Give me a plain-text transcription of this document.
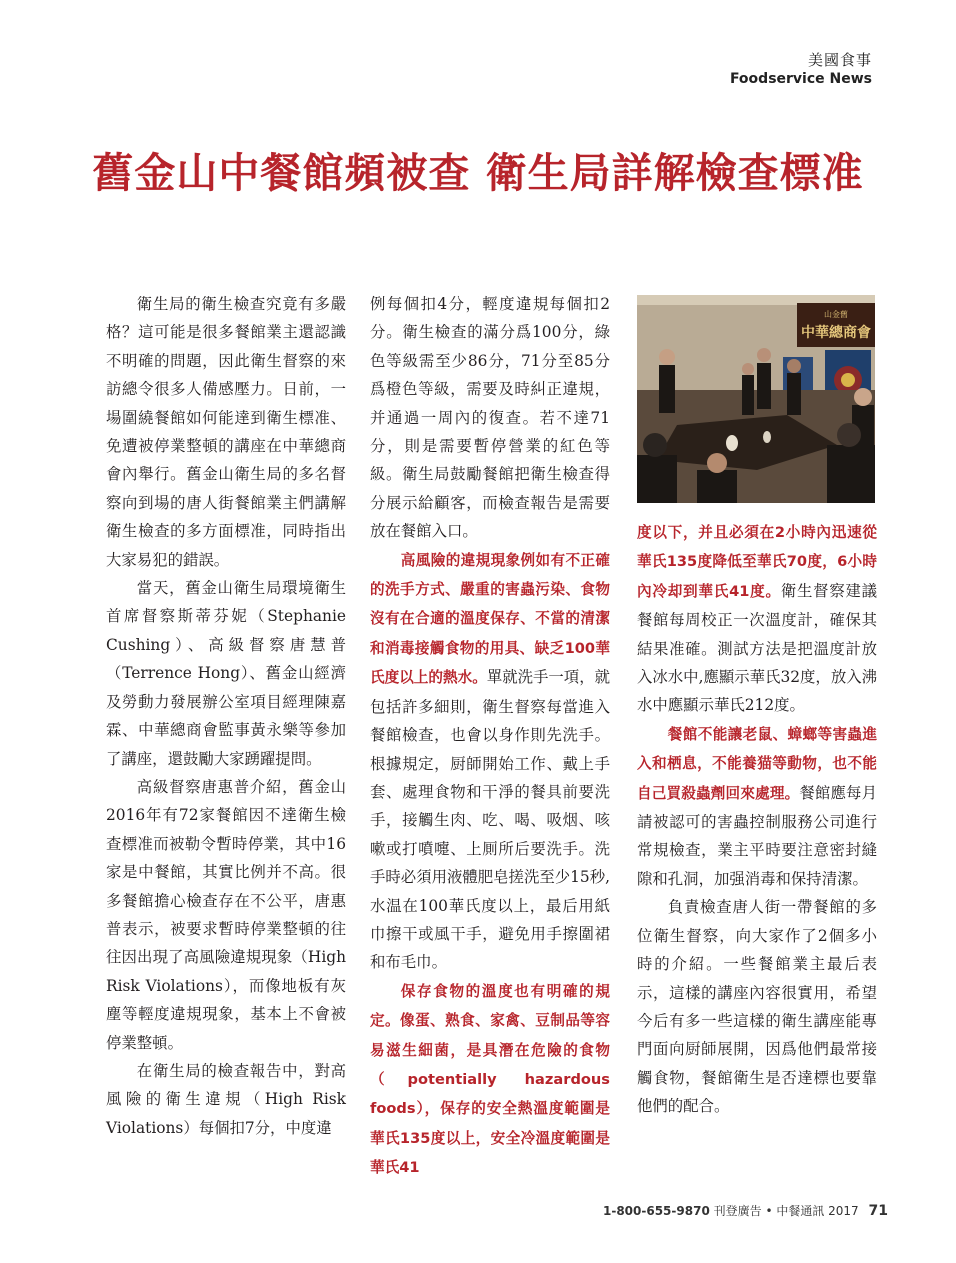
美國食事
Foodservice News
舊金山中餐館頻被查 衛生局詳解檢查標准

衛生局的衛生檢查究竟有多嚴格？這可能是很多餐館業主還認識不明確的問題，因此衛生督察的來訪總令很多人備感壓力。日前，一場圍繞餐館如何能達到衛生標准、免遭被停業整頓的講座在中華總商會內舉行。舊金山衛生局的多名督察向到場的唐人街餐館業主們講解衛生檢查的多方面標准，同時指出大家易犯的錯誤。

當天，舊金山衛生局環境衛生首席督察斯蒂芬妮（Stephanie Cushing）、高級督察唐慧普（Terrence Hong）、舊金山經濟及勞動力發展辦公室項目經理陳嘉霖、中華總商會監事黃永樂等參加了講座，還鼓勵大家踴躍提問。

高級督察唐惠普介紹，舊金山2016年有72家餐館因不達衛生檢查標准而被勒令暫時停業，其中16家是中餐館，其實比例并不高。很多餐館擔心檢查存在不公平，唐惠普表示，被要求暫時停業整頓的往往因出現了高風險違規現象（High Risk Violations），而像地板有灰塵等輕度違規現象，基本上不會被停業整頓。

在衛生局的檢查報告中，對高風險的衛生違規（High Risk Violations）每個扣7分，中度違

例每個扣4分，輕度違規每個扣2分。衛生檢查的滿分爲100分，綠色等級需至少86分，71分至85分爲橙色等級，需要及時糾正違規，并通過一周內的復查。若不達71分，則是需要暫停營業的紅色等級。衛生局鼓勵餐館把衛生檢查得分展示給顧客，而檢查報告是需要放在餐館入口。

高風險的違規現象例如有不正確的洗手方式、嚴重的害蟲污染、食物沒有在合適的溫度保存、不當的清潔和消毒接觸食物的用具、缺乏100華氏度以上的熱水。單就洗手一項，就包括許多細則，衛生督察每當進入餐館檢查，也會以身作則先洗手。根據規定，厨師開始工作、戴上手套、處理食物和干淨的餐具前要洗手，接觸生肉、吃、喝、吸烟、咳嗽或打噴嚏、上厠所后要洗手。洗手時必須用液體肥皂搓洗至少15秒,水温在100華氏度以上，最后用紙巾擦干或風干手，避免用手擦圍裙和布毛巾。

保存食物的溫度也有明確的規定。像蛋、熟食、家禽、豆制品等容易滋生細菌，是具潛在危險的食物（potentially hazardous foods），保存的安全熱溫度範圍是華氏135度以上，安全冷溫度範圍是華氏41

山金舊
中華總商會

度以下，并且必須在2小時內迅速從華氏135度降低至華氏70度，6小時內冷却到華氏41度。衛生督察建議餐館每周校正一次溫度計，確保其結果准確。測試方法是把溫度計放入冰水中,應顯示華氏32度，放入沸水中應顯示華氏212度。

餐館不能讓老鼠、蟑螂等害蟲進入和栖息，不能養猫等動物，也不能自己買殺蟲劑回來處理。餐館應每月請被認可的害蟲控制服務公司進行常規檢查，業主平時要注意密封縫隙和孔洞，加强消毒和保持清潔。

負責檢查唐人街一帶餐館的多位衛生督察，向大家作了2個多小時的介紹。一些餐館業主最后表示，這樣的講座內容很實用，希望今后有多一些這樣的衛生講座能專門面向厨師展開，因爲他們最常接觸食物，餐館衛生是否達標也要靠他們的配合。

1-800-655-9870 刊登廣告 • 中餐通訊 2017 71
